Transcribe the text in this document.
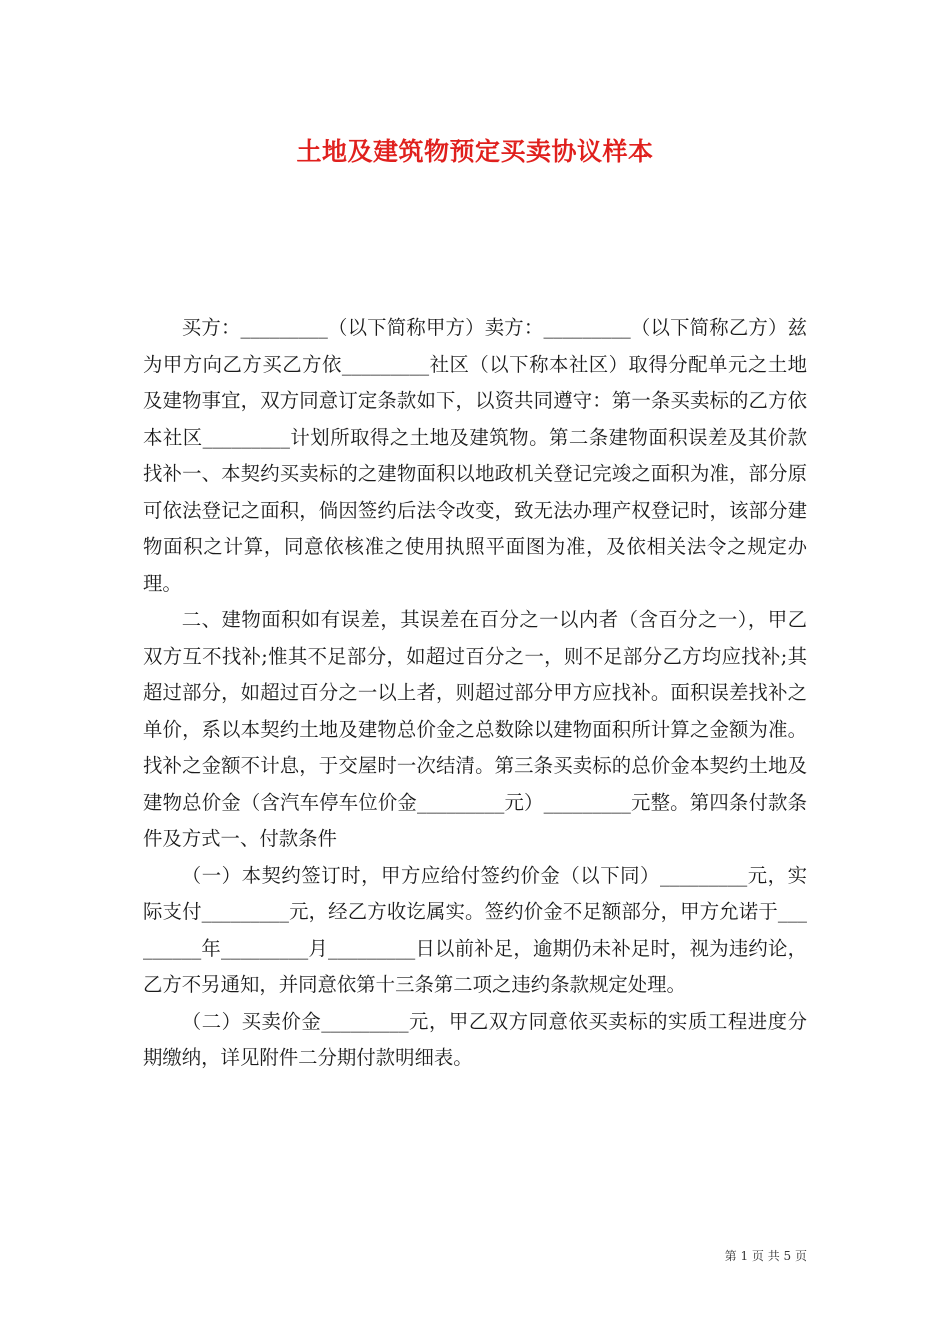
土地及建筑物预定买卖协议样本

买方：_________（以下简称甲方）卖方：_________（以下简称乙方）兹为甲方向乙方买乙方依_________社区（以下称本社区）取得分配单元之土地及建物事宜，双方同意订定条款如下，以资共同遵守：第一条买卖标的乙方依本社区_________计划所取得之土地及建筑物。第二条建物面积误差及其价款找补一、本契约买卖标的之建物面积以地政机关登记完竣之面积为准，部分原可依法登记之面积，倘因签约后法令改变，致无法办理产权登记时，该部分建物面积之计算，同意依核准之使用执照平面图为准，及依相关法令之规定办理。

二、建物面积如有误差，其误差在百分之一以内者（含百分之一），甲乙双方互不找补;惟其不足部分，如超过百分之一，则不足部分乙方均应找补;其超过部分，如超过百分之一以上者，则超过部分甲方应找补。面积误差找补之单价，系以本契约土地及建物总价金之总数除以建物面积所计算之金额为准。找补之金额不计息，于交屋时一次结清。第三条买卖标的总价金本契约土地及建物总价金（含汽车停车位价金_________元）_________元整。第四条付款条件及方式一、付款条件

（一）本契约签订时，甲方应给付签约价金（以下同）_________元，实际支付_________元，经乙方收讫属实。签约价金不足额部分，甲方允诺于_________年_________月_________日以前补足，逾期仍未补足时，视为违约论，乙方不另通知，并同意依第十三条第二项之违约条款规定处理。

（二）买卖价金_________元，甲乙双方同意依买卖标的实质工程进度分期缴纳，详见附件二分期付款明细表。

第 1 页 共 5 页
